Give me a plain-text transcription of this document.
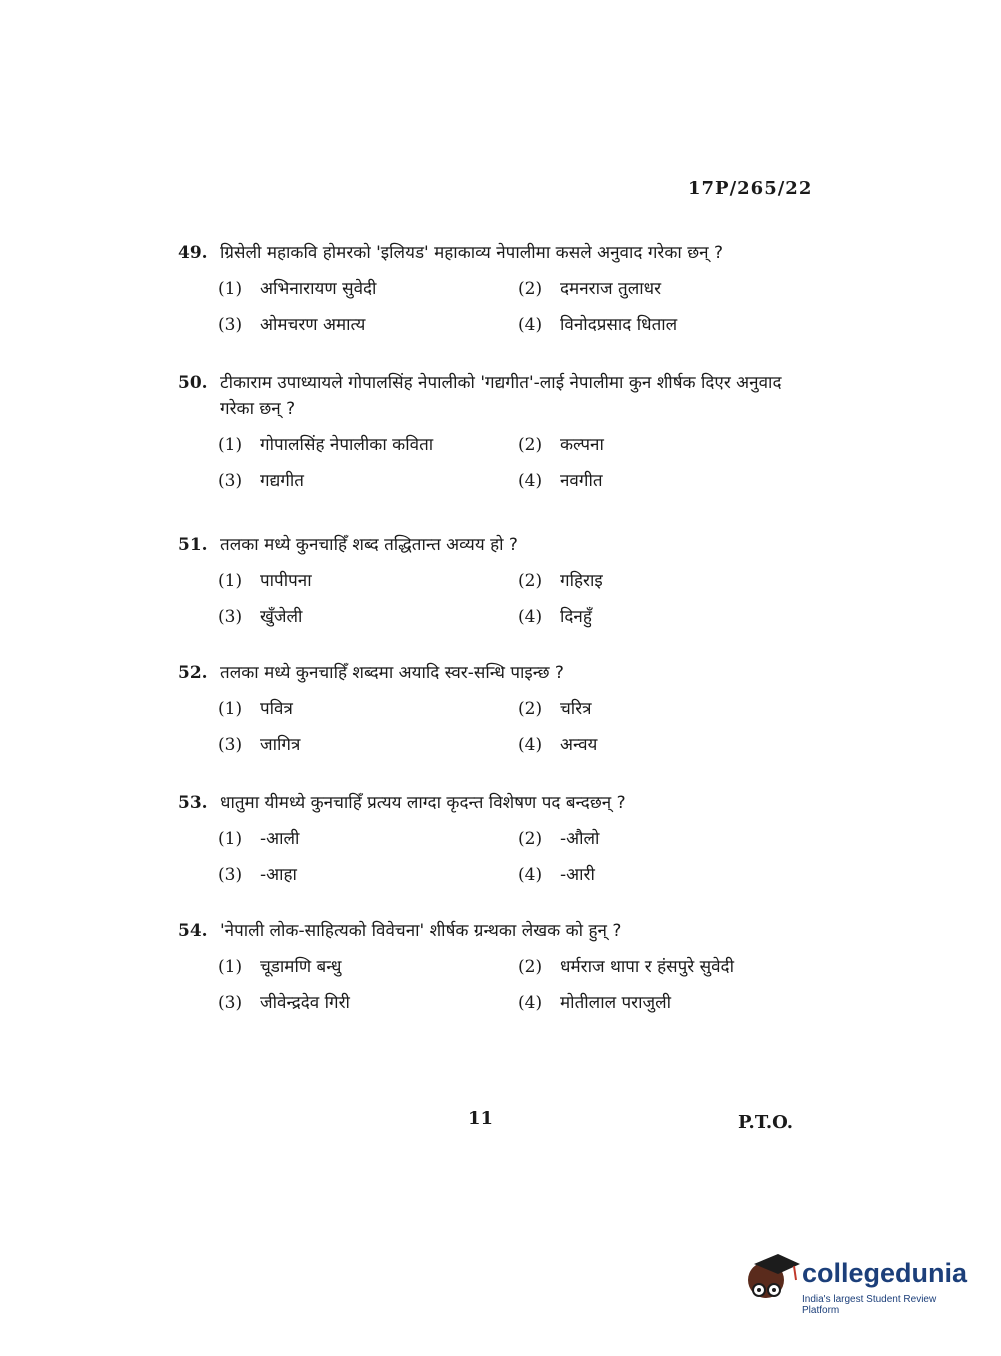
17P/265/22
49. ग्रिसेली महाकवि होमरको 'इलियड' महाकाव्य नेपालीमा कसले अनुवाद गरेका छन् ?
(1)	अभिनारायण सुवेदी	(2)	दमनराज तुलाधर
(3)	ओमचरण अमात्य	(4)	विनोदप्रसाद धिताल
50. टीकाराम उपाध्यायले गोपालसिंह नेपालीको 'गद्यगीत'-लाई नेपालीमा कुन शीर्षक दिएर अनुवाद गरेका छन् ?
(1)	गोपालसिंह नेपालीका कविता	(2)	कल्पना
(3)	गद्यगीत	(4)	नवगीत
51. तलका मध्ये कुनचाहिँ शब्द तद्धितान्त अव्यय हो ?
(1)	पापीपना	(2)	गहिराइ
(3)	खुँजेली	(4)	दिनहुँ
52. तलका मध्ये कुनचाहिँ शब्दमा अयादि स्वर-सन्धि पाइन्छ ?
(1)	पवित्र	(2)	चरित्र
(3)	जागित्र	(4)	अन्वय
53. धातुमा यीमध्ये कुनचाहिँ प्रत्यय लाग्दा कृदन्त विशेषण पद बन्दछन् ?
(1)	-आली	(2)	-औलो
(3)	-आहा	(4)	-आरी
54. 'नेपाली लोक-साहित्यको विवेचना' शीर्षक ग्रन्थका लेखक को हुन् ?
(1)	चूडामणि बन्धु	(2)	धर्मराज थापा र हंसपुरे सुवेदी
(3)	जीवेन्द्रदेव गिरी	(4)	मोतीलाल पराजुली
11	P.T.O.
collegedunia
India's largest Student Review Platform
